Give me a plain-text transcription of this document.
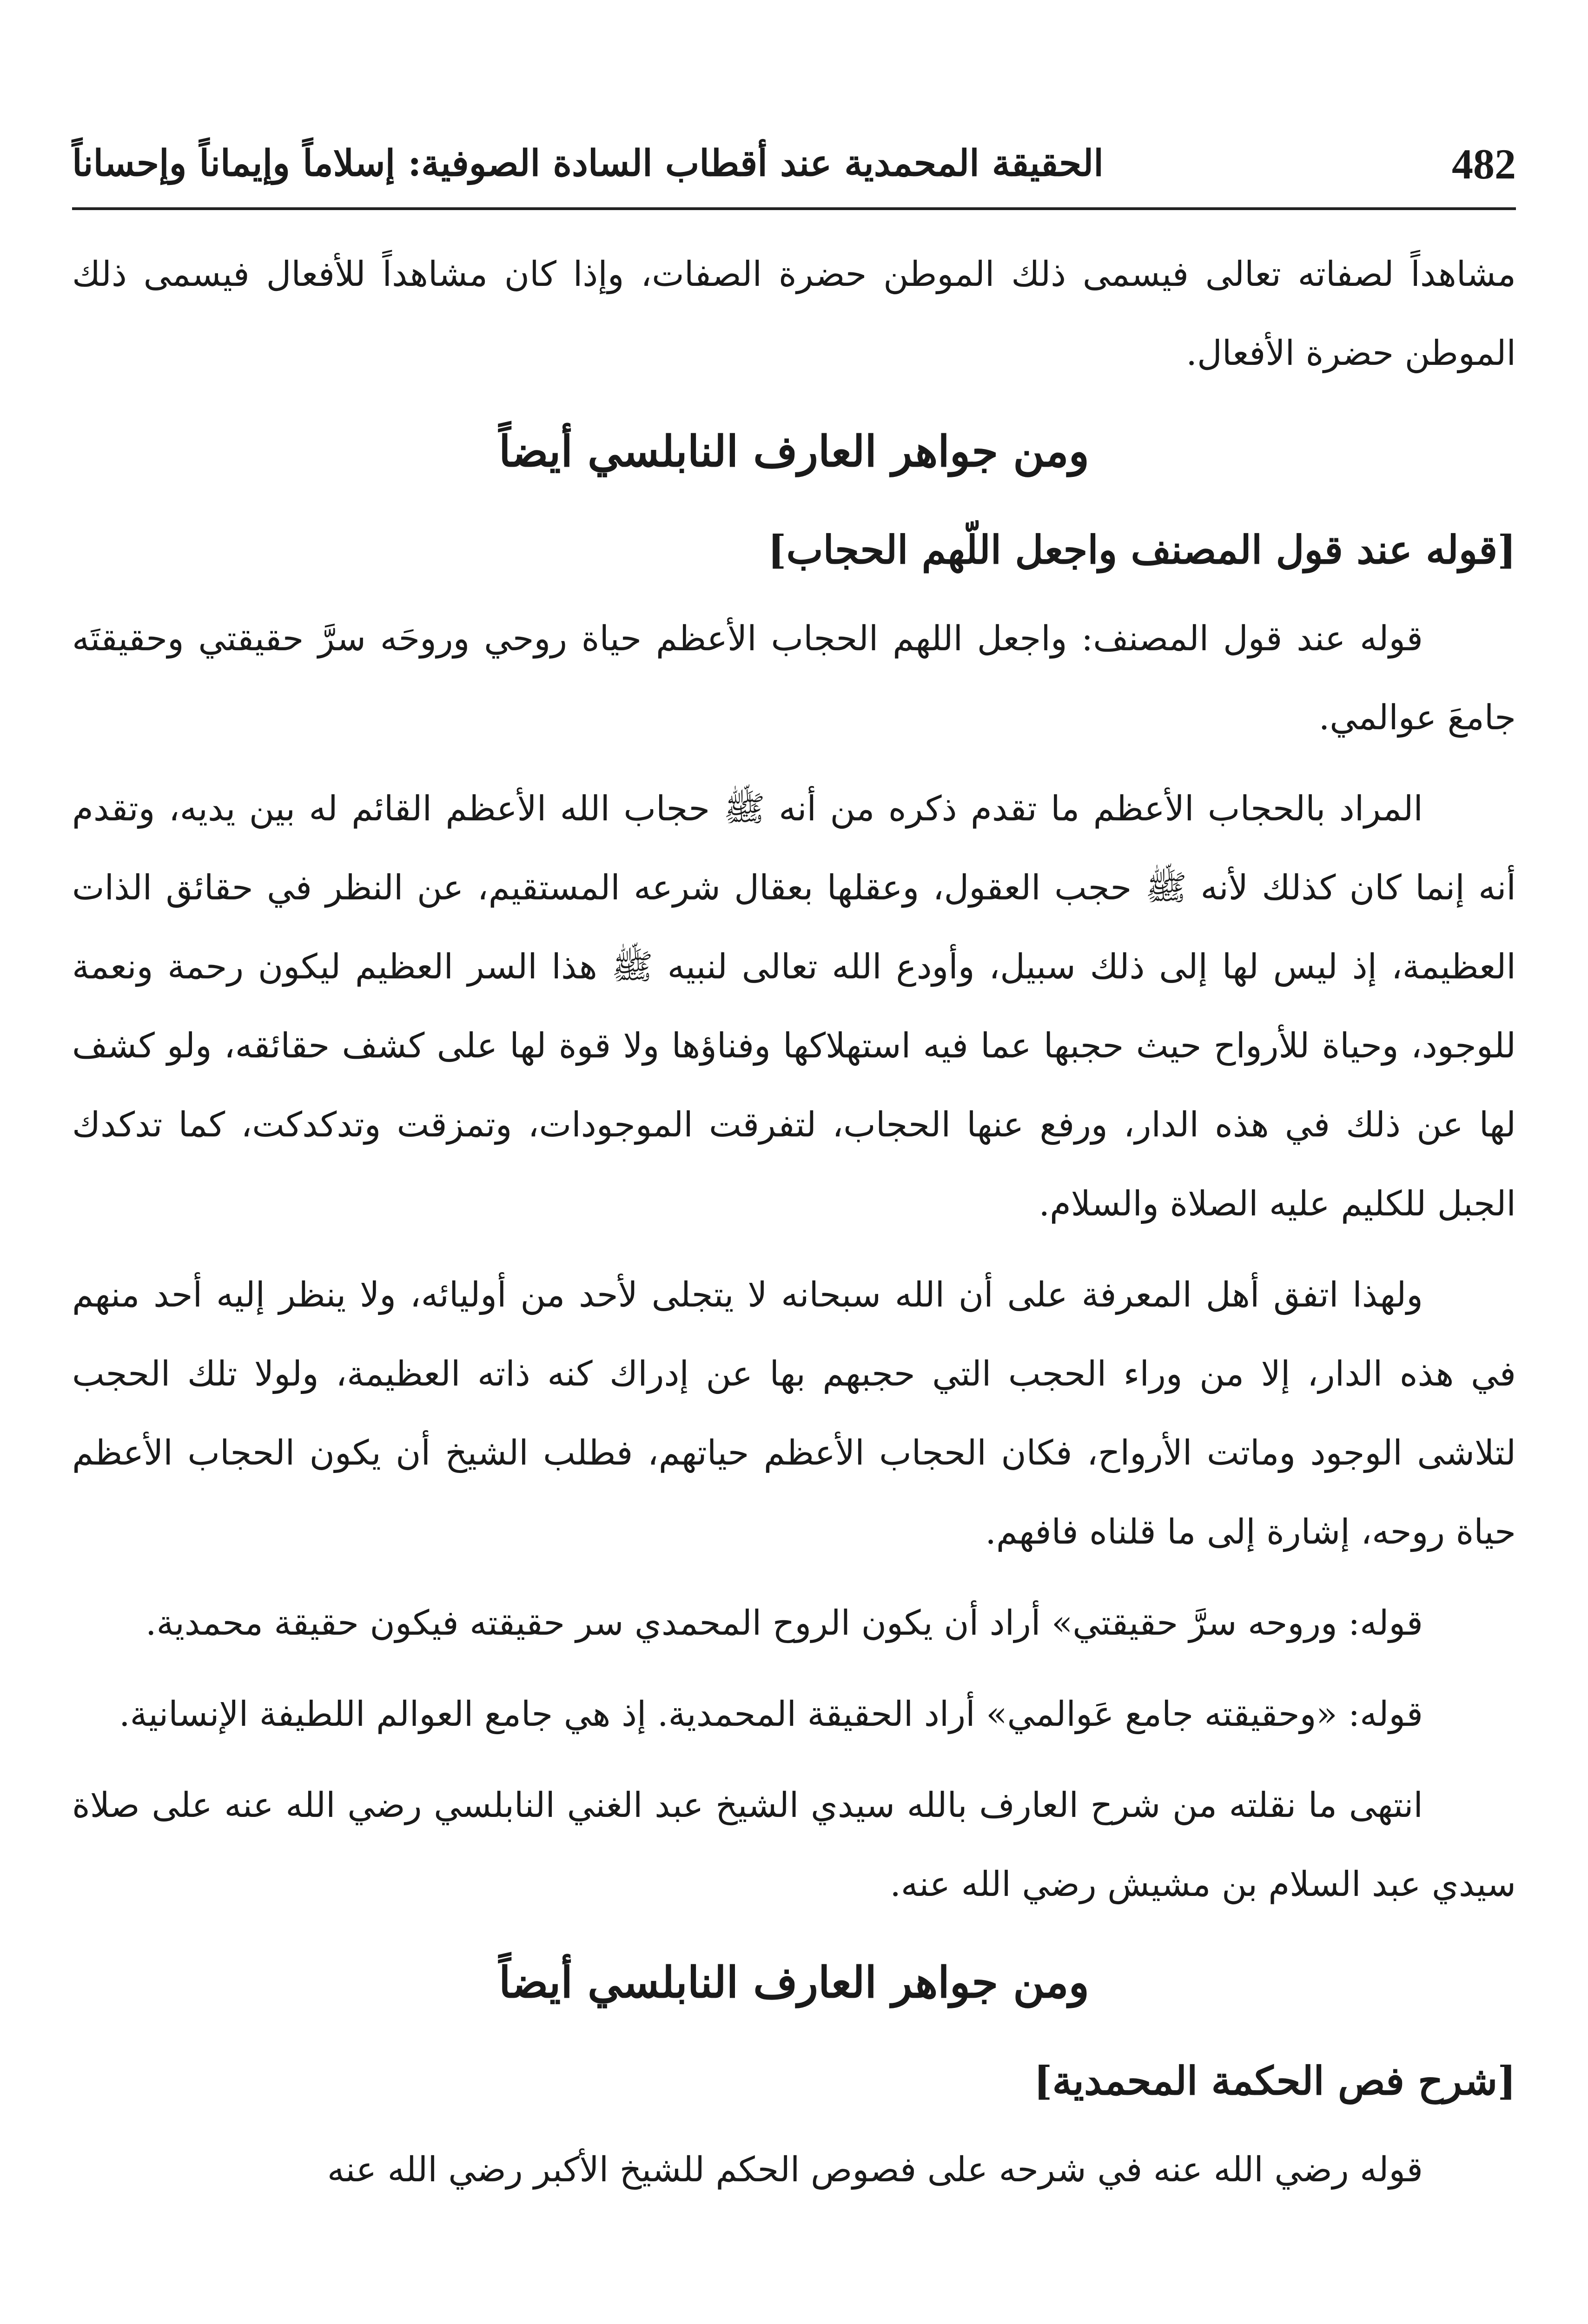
482
الحقيقة المحمدية عند أقطاب السادة الصوفية: إسلاماً وإيماناً وإحساناً

مشاهداً لصفاته تعالى فيسمى ذلك الموطن حضرة الصفات، وإذا كان مشاهداً للأفعال فيسمى ذلك الموطن حضرة الأفعال.

ومن جواهر العارف النابلسي أيضاً
[قوله عند قول المصنف واجعل اللّهم الحجاب]

قوله عند قول المصنف: واجعل اللهم الحجاب الأعظم حياة روحي وروحَه سرَّ حقيقتي وحقيقتَه جامعَ عوالمي.

المراد بالحجاب الأعظم ما تقدم ذكره من أنه ﷺ حجاب الله الأعظم القائم له بين يديه، وتقدم أنه إنما كان كذلك لأنه ﷺ حجب العقول، وعقلها بعقال شرعه المستقيم، عن النظر في حقائق الذات العظيمة، إذ ليس لها إلى ذلك سبيل، وأودع الله تعالى لنبيه ﷺ هذا السر العظيم ليكون رحمة ونعمة للوجود، وحياة للأرواح حيث حجبها عما فيه استهلاكها وفناؤها ولا قوة لها على كشف حقائقه، ولو كشف لها عن ذلك في هذه الدار، ورفع عنها الحجاب، لتفرقت الموجودات، وتمزقت وتدكدكت، كما تدكدك الجبل للكليم عليه الصلاة والسلام.

ولهذا اتفق أهل المعرفة على أن الله سبحانه لا يتجلى لأحد من أوليائه، ولا ينظر إليه أحد منهم في هذه الدار، إلا من وراء الحجب التي حجبهم بها عن إدراك كنه ذاته العظيمة، ولولا تلك الحجب لتلاشى الوجود وماتت الأرواح، فكان الحجاب الأعظم حياتهم، فطلب الشيخ أن يكون الحجاب الأعظم حياة روحه، إشارة إلى ما قلناه فافهم.

قوله: وروحه سرَّ حقيقتي» أراد أن يكون الروح المحمدي سر حقيقته فيكون حقيقة محمدية.

قوله: «وحقيقته جامع عَوالمي» أراد الحقيقة المحمدية. إذ هي جامع العوالم اللطيفة الإنسانية.

انتهى ما نقلته من شرح العارف بالله سيدي الشيخ عبد الغني النابلسي رضي الله عنه على صلاة سيدي عبد السلام بن مشيش رضي الله عنه.

ومن جواهر العارف النابلسي أيضاً
[شرح فص الحكمة المحمدية]

قوله رضي الله عنه في شرحه على فصوص الحكم للشيخ الأكبر رضي الله عنه
